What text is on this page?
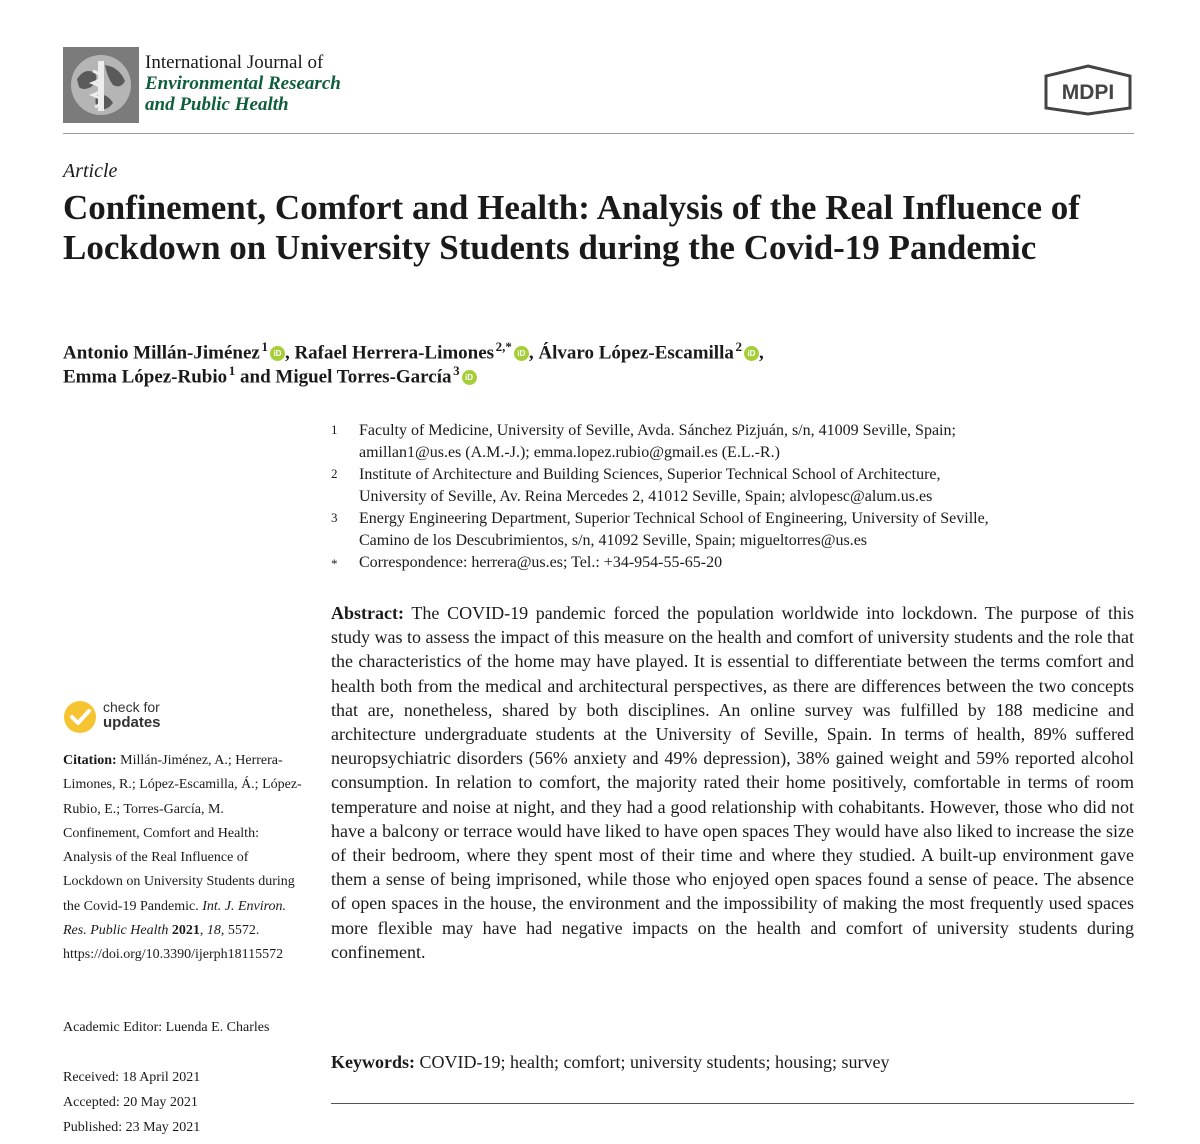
International Journal of
Environmental Research
and Public Health
MDPI
Article
Confinement, Comfort and Health: Analysis of the Real Influence of Lockdown on University Students during the Covid-19 Pandemic
Antonio Millán-Jiménez  $^1$ iD , Rafael Herrera-Limones  $^{2,*}$ iD , Álvaro López-Escamilla  $^2$ iD ,
Emma López-Rubio  $^1$ and Miguel Torres-García  $^3$ iD
1 Faculty of Medicine, University of Seville, Avda. Sánchez Pizjuán, s/n, 41009 Seville, Spain;
amillan1@us.es (A.M.-J.); emma.lopez.rubio@gmail.es (E.L.-R.)
2 Institute of Architecture and Building Sciences, Superior Technical School of Architecture,
University of Seville, Av. Reina Mercedes 2, 41012 Seville, Spain; alvlopesc@alum.us.es
3 Energy Engineering Department, Superior Technical School of Engineering, University of Seville,
Camino de los Descubrimientos, s/n, 41092 Seville, Spain; migueltorres@us.es
* Correspondence: herrera@us.es; Tel.: +34-954-55-65-20

Abstract: The COVID-19 pandemic forced the population worldwide into lockdown. The purpose of this study was to assess the impact of this measure on the health and comfort of university students and the role that the characteristics of the home may have played. It is essential to differentiate between the terms comfort and health both from the medical and architectural perspectives, as there are differences between the two concepts that are, nonetheless, shared by both disciplines. An online survey was fulfilled by 188 medicine and architecture undergraduate students at the University of Seville, Spain. In terms of health, 89% suffered neuropsychiatric disorders (56% anxiety and 49% depression), 38% gained weight and 59% reported alcohol consumption. In relation to comfort, the majority rated their home positively, comfortable in terms of room temperature and noise at night, and they had a good relationship with cohabitants. However, those who did not have a balcony or terrace would have liked to have open spaces They would have also liked to increase the size of their bedroom, where they spent most of their time and where they studied. A built-up environment gave them a sense of being imprisoned, while those who enjoyed open spaces found a sense of peace. The absence of open spaces in the house, the environment and the impossibility of making the most frequently used spaces more flexible may have had negative impacts on the health and comfort of university students during confinement.

Keywords: COVID-19; health; comfort; university students; housing; survey
check for
updates

Citation: Millán-Jiménez, A.; Herrera-Limones, R.; López-Escamilla, Á.; López-Rubio, E.; Torres-García, M. Confinement, Comfort and Health: Analysis of the Real Influence of Lockdown on University Students during the Covid-19 Pandemic. Int. J. Environ. Res. Public Health 2021, 18, 5572. https://doi.org/10.3390/ijerph18115572

Academic Editor: Luenda E. Charles
Received: 18 April 2021
Accepted: 20 May 2021
Published: 23 May 2021
